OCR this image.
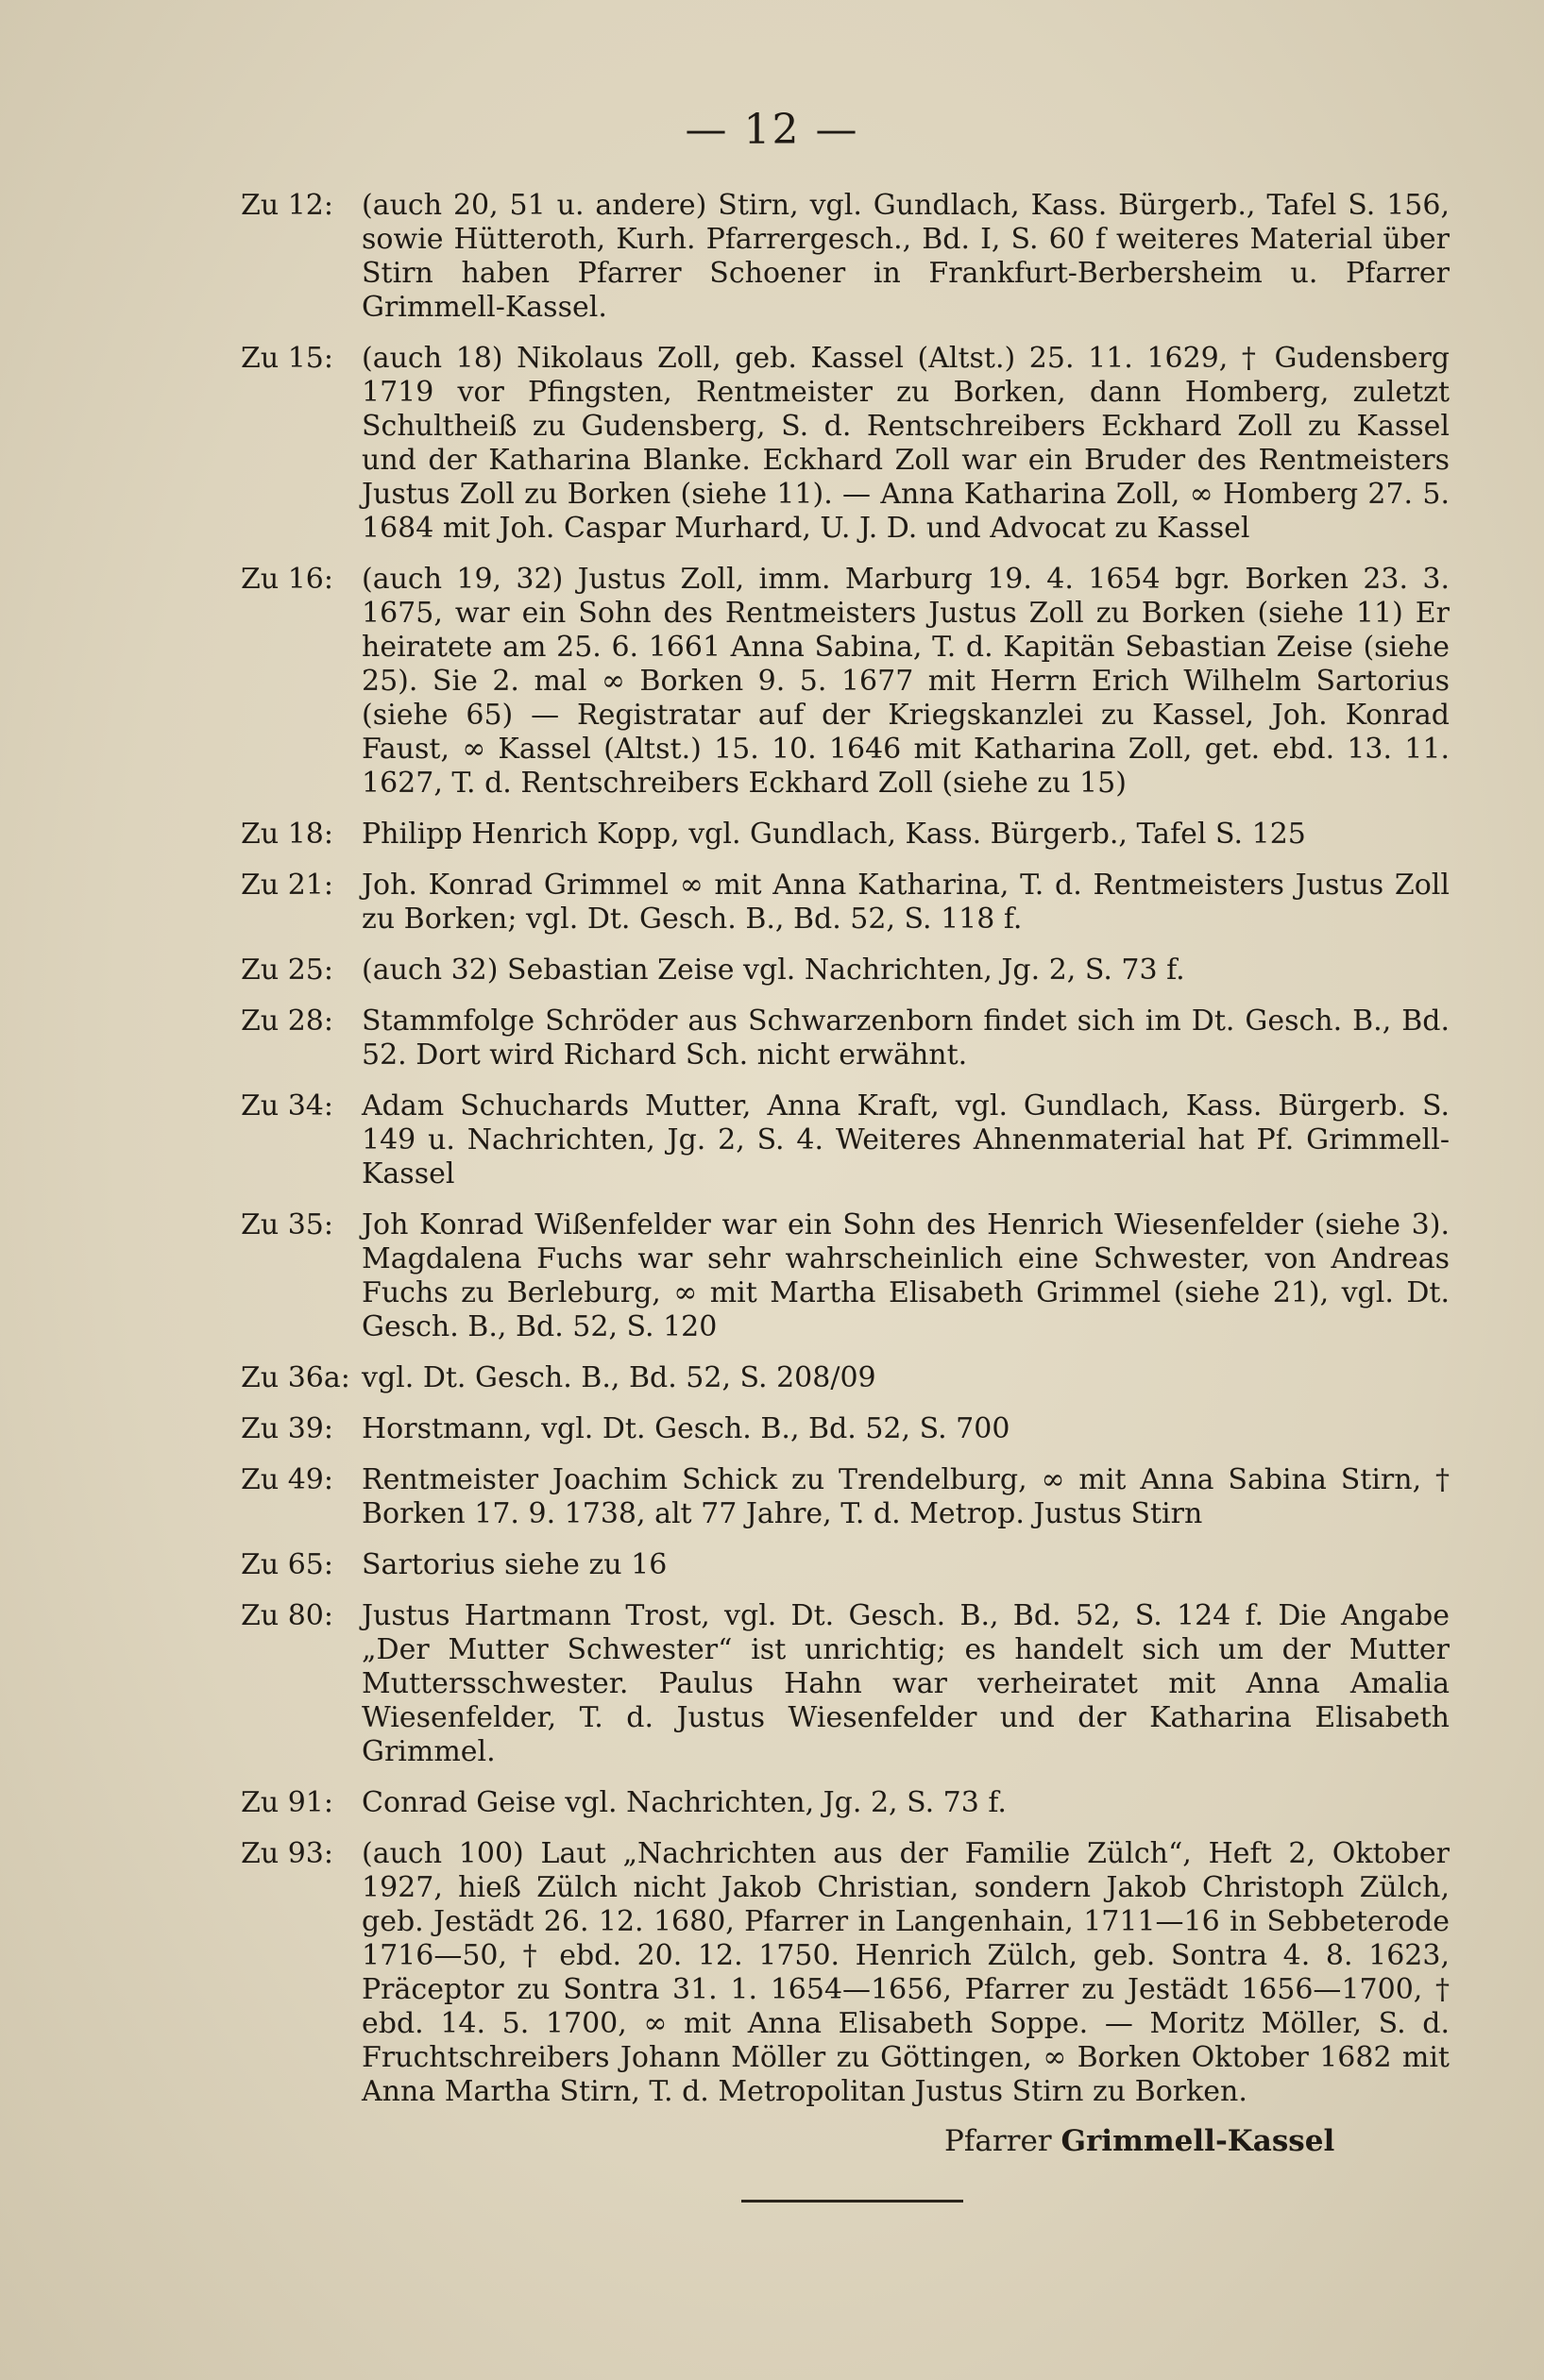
— 12 —
Zu 12: (auch 20, 51 u. andere) Stirn, vgl. Gundlach, Kass. Bürgerb., Tafel S. 156, sowie Hütteroth, Kurh. Pfarrergesch., Bd. I, S. 60 f weiteres Material über Stirn haben Pfarrer Schoener in Frankfurt-Berbersheim u. Pfarrer Grimmell-Kassel.
Zu 15: (auch 18) Nikolaus Zoll, geb. Kassel (Altst.) 25. 11. 1629, † Gudensberg 1719 vor Pfingsten, Rentmeister zu Borken, dann Homberg, zuletzt Schultheiß zu Gudensberg, S. d. Rentschreibers Eckhard Zoll zu Kassel und der Katharina Blanke. Eckhard Zoll war ein Bruder des Rentmeisters Justus Zoll zu Borken (siehe 11). — Anna Katharina Zoll, ∞ Homberg 27. 5. 1684 mit Joh. Caspar Murhard, U. J. D. und Advocat zu Kassel
Zu 16: (auch 19, 32) Justus Zoll, imm. Marburg 19. 4. 1654 bgr. Borken 23. 3. 1675, war ein Sohn des Rentmeisters Justus Zoll zu Borken (siehe 11) Er heiratete am 25. 6. 1661 Anna Sabina, T. d. Kapitän Sebastian Zeise (siehe 25). Sie 2. mal ∞ Borken 9. 5. 1677 mit Herrn Erich Wilhelm Sartorius (siehe 65) — Registratar auf der Kriegskanzlei zu Kassel, Joh. Konrad Faust, ∞ Kassel (Altst.) 15. 10. 1646 mit Katharina Zoll, get. ebd. 13. 11. 1627, T. d. Rentschreibers Eckhard Zoll (siehe zu 15)
Zu 18: Philipp Henrich Kopp, vgl. Gundlach, Kass. Bürgerb., Tafel S. 125
Zu 21: Joh. Konrad Grimmel ∞ mit Anna Katharina, T. d. Rentmeisters Justus Zoll zu Borken; vgl. Dt. Gesch. B., Bd. 52, S. 118 f.
Zu 25: (auch 32) Sebastian Zeise vgl. Nachrichten, Jg. 2, S. 73 f.
Zu 28: Stammfolge Schröder aus Schwarzenborn findet sich im Dt. Gesch. B., Bd. 52. Dort wird Richard Sch. nicht erwähnt.
Zu 34: Adam Schuchards Mutter, Anna Kraft, vgl. Gundlach, Kass. Bürgerb. S. 149 u. Nachrichten, Jg. 2, S. 4. Weiteres Ahnenmaterial hat Pf. Grimmell-Kassel
Zu 35: Joh Konrad Wißenfelder war ein Sohn des Henrich Wiesenfelder (siehe 3). Magdalena Fuchs war sehr wahrscheinlich eine Schwester, von Andreas Fuchs zu Berleburg, ∞ mit Martha Elisabeth Grimmel (siehe 21), vgl. Dt. Gesch. B., Bd. 52, S. 120
Zu 36a: vgl. Dt. Gesch. B., Bd. 52, S. 208/09
Zu 39: Horstmann, vgl. Dt. Gesch. B., Bd. 52, S. 700
Zu 49: Rentmeister Joachim Schick zu Trendelburg, ∞ mit Anna Sabina Stirn, † Borken 17. 9. 1738, alt 77 Jahre, T. d. Metrop. Justus Stirn
Zu 65: Sartorius siehe zu 16
Zu 80: Justus Hartmann Trost, vgl. Dt. Gesch. B., Bd. 52, S. 124 f. Die Angabe „Der Mutter Schwester“ ist unrichtig; es handelt sich um der Mutter Muttersschwester. Paulus Hahn war verheiratet mit Anna Amalia Wiesenfelder, T. d. Justus Wiesenfelder und der Katharina Elisabeth Grimmel.
Zu 91: Conrad Geise vgl. Nachrichten, Jg. 2, S. 73 f.
Zu 93: (auch 100) Laut „Nachrichten aus der Familie Zülch“, Heft 2, Oktober 1927, hieß Zülch nicht Jakob Christian, sondern Jakob Christoph Zülch, geb. Jestädt 26. 12. 1680, Pfarrer in Langenhain, 1711—16 in Sebbeterode 1716—50, † ebd. 20. 12. 1750. Henrich Zülch, geb. Sontra 4. 8. 1623, Präceptor zu Sontra 31. 1. 1654—1656, Pfarrer zu Jestädt 1656—1700, † ebd. 14. 5. 1700, ∞ mit Anna Elisabeth Soppe. — Moritz Möller, S. d. Fruchtschreibers Johann Möller zu Göttingen, ∞ Borken Oktober 1682 mit Anna Martha Stirn, T. d. Metropolitan Justus Stirn zu Borken.
Pfarrer Grimmell-Kassel
